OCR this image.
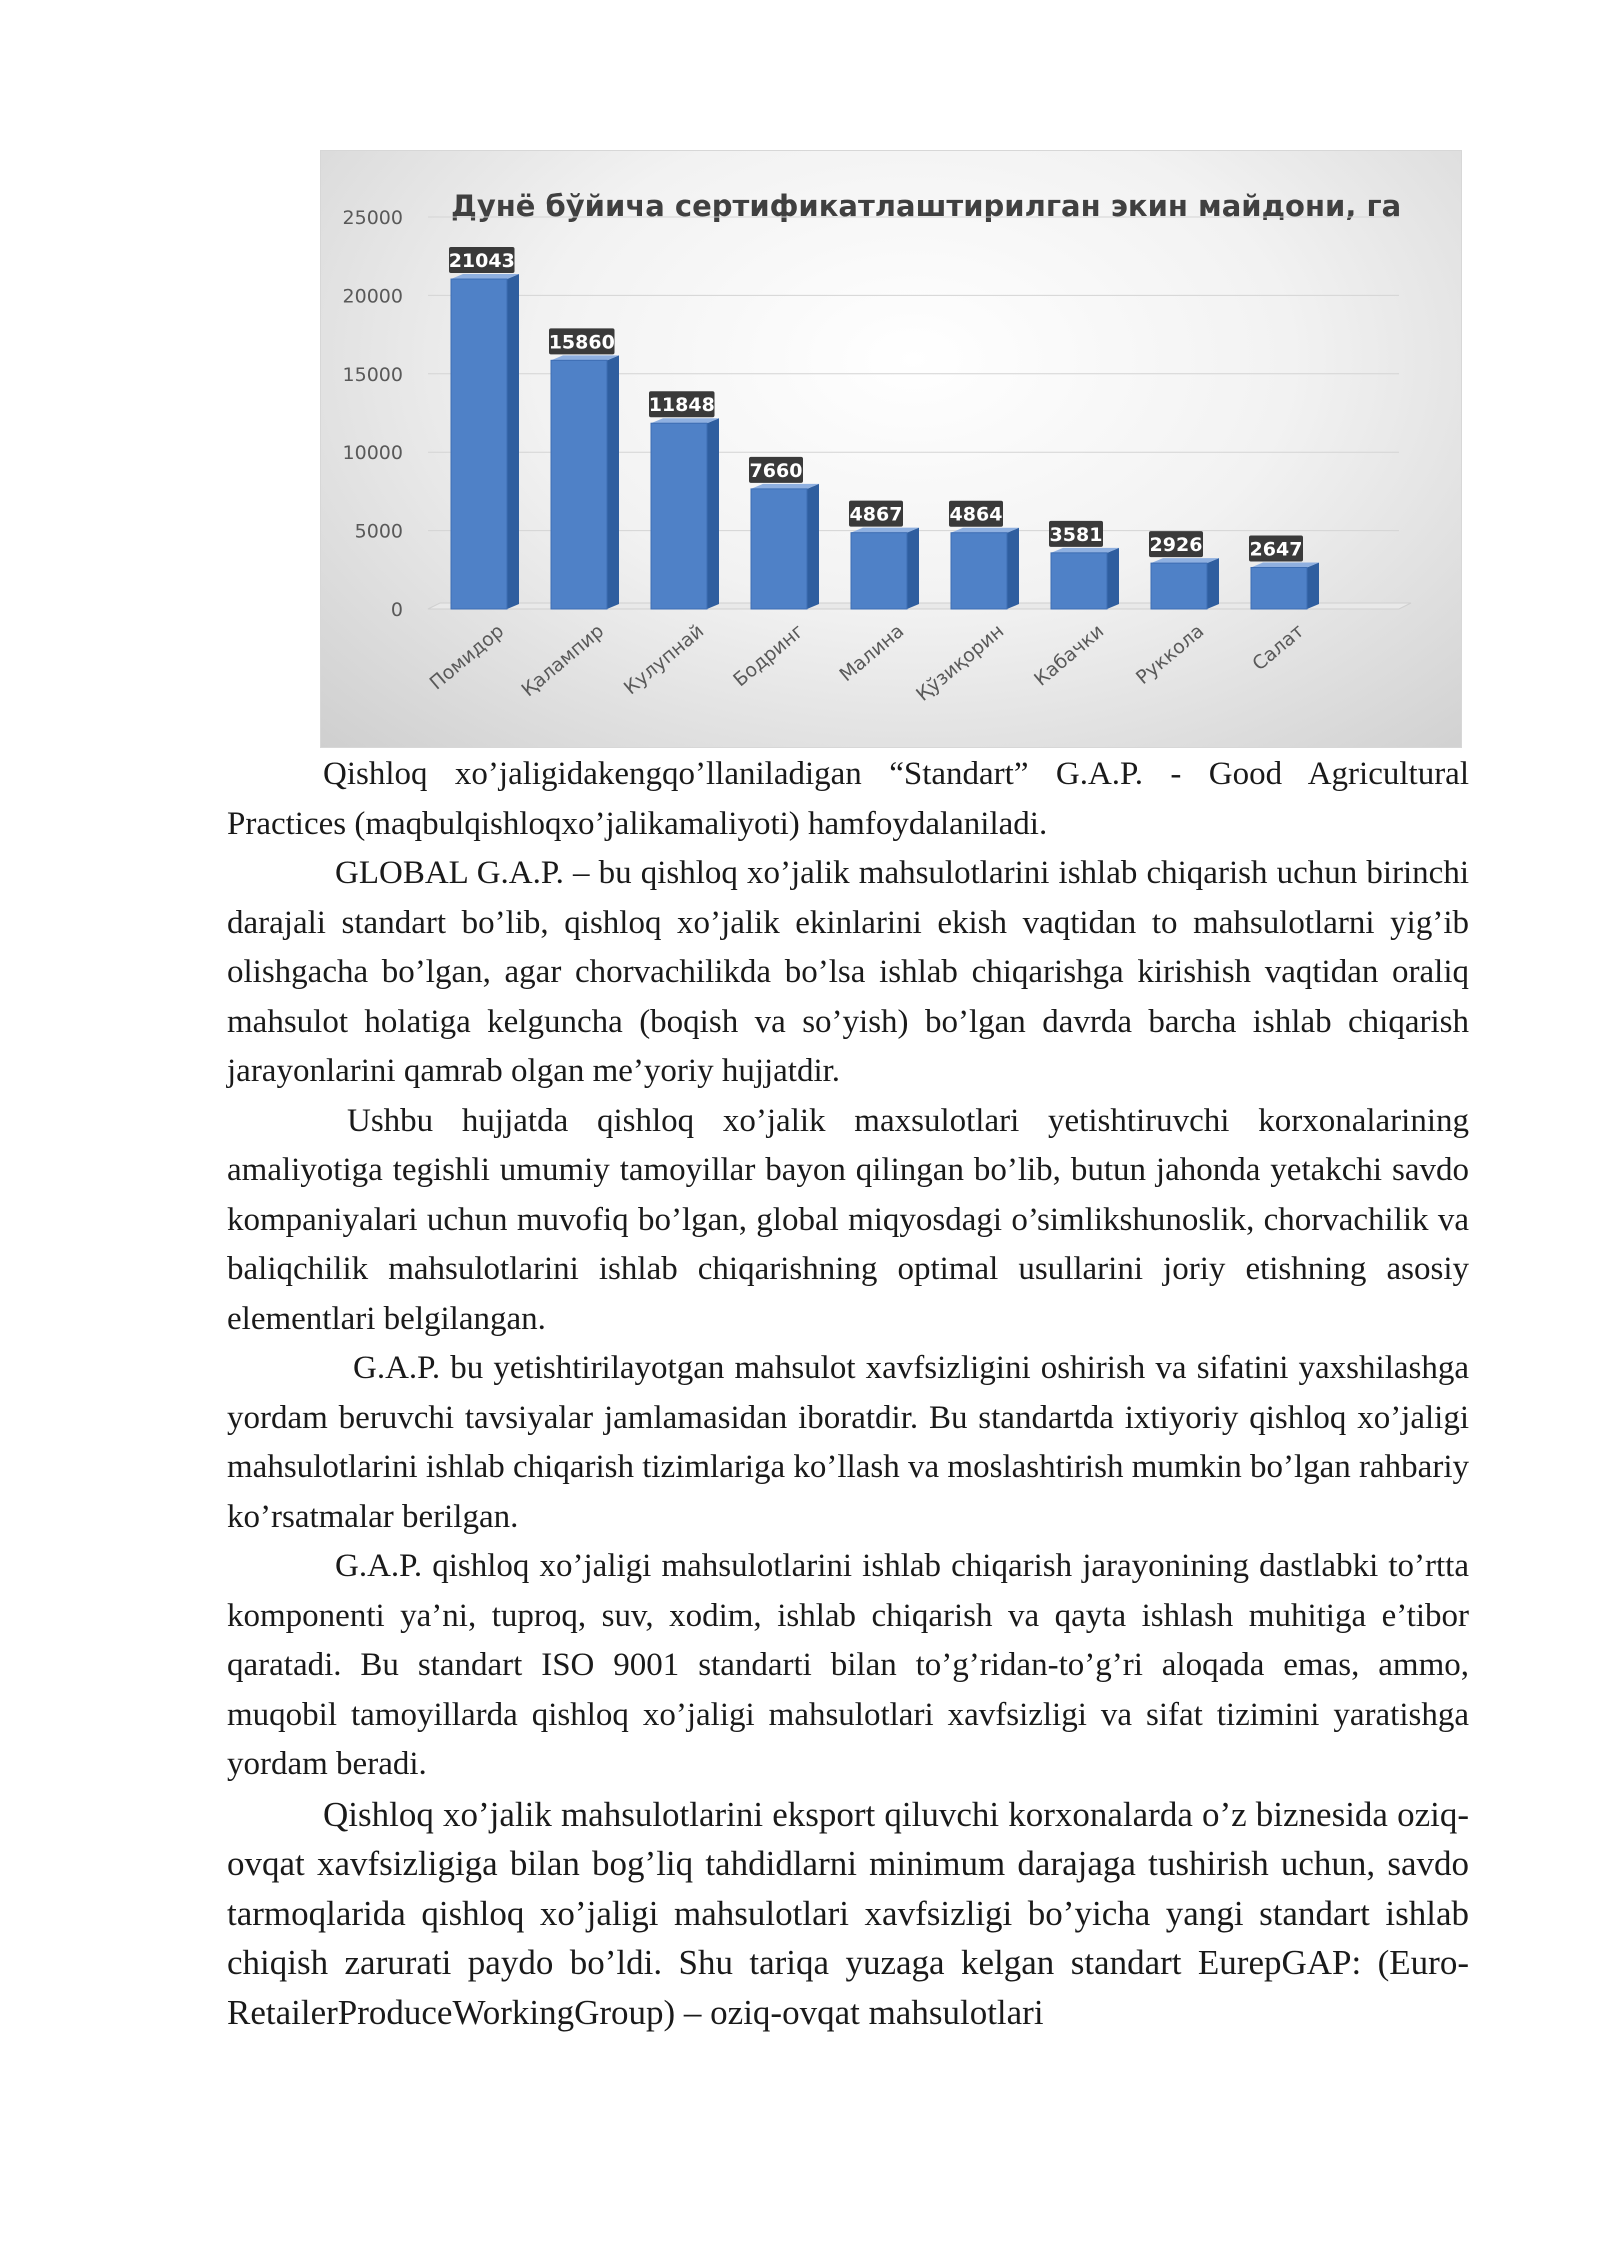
Дунё бўйича сертификатлаштирилган экин майдони, га
0
5000
10000
15000
20000
25000
21043
15860
11848
7660
4867 4864
3581 2926 2647
Помидор Қалампир Кулупнай Бодринг Малина Қўзиқорин Кабачки Руккола Салат

Qishloq xo’jaligidakengqo’llaniladigan “Standart” G.A.P. - Good Agricultural Practices (maqbulqishloqxo’jalikamaliyoti) hamfoydalaniladi.

GLOBAL G.A.P. – bu qishloq xo’jalik mahsulotlarini ishlab chiqarish uchun birinchi darajali standart bo’lib, qishloq xo’jalik ekinlarini ekish vaqtidan to mahsulotlarni yig’ib olishgacha bo’lgan, agar chorvachilikda bo’lsa ishlab chiqarishga kirishish vaqtidan oraliq mahsulot holatiga kelguncha (boqish va so’yish) bo’lgan davrda barcha ishlab chiqarish jarayonlarini qamrab olgan me’yoriy hujjatdir.

Ushbu hujjatda qishloq xo’jalik maxsulotlari yetishtiruvchi korxonalarining amaliyotiga tegishli umumiy tamoyillar bayon qilingan bo’lib, butun jahonda yetakchi savdo kompaniyalari uchun muvofiq bo’lgan, global miqyosdagi o’simlikshunoslik, chorvachilik va baliqchilik mahsulotlarini ishlab chiqarishning optimal usullarini joriy etishning asosiy elementlari belgilangan.

G.A.P. bu yetishtirilayotgan mahsulot xavfsizligini oshirish va sifatini yaxshilashga yordam beruvchi tavsiyalar jamlamasidan iboratdir. Bu standartda ixtiyoriy qishloq xo’jaligi mahsulotlarini ishlab chiqarish tizimlariga ko’llash va moslashtirish mumkin bo’lgan rahbariy ko’rsatmalar berilgan.

G.A.P. qishloq xo’jaligi mahsulotlarini ishlab chiqarish jarayonining dastlabki to’rtta komponenti ya’ni, tuproq, suv, xodim, ishlab chiqarish va qayta ishlash muhitiga e’tibor qaratadi. Bu standart ISO 9001 standarti bilan to’g’ridan-to’g’ri aloqada emas, ammo, muqobil tamoyillarda qishloq xo’jaligi mahsulotlari xavfsizligi va sifat tizimini yaratishga yordam beradi.

Qishloq xo’jalik mahsulotlarini eksport qiluvchi korxonalarda o’z biznesida oziq-ovqat xavfsizligiga bilan bog’liq tahdidlarni minimum darajaga tushirish uchun, savdo tarmoqlarida qishloq xo’jaligi mahsulotlari xavfsizligi bo’yicha yangi standart ishlab chiqish zarurati paydo bo’ldi. Shu tariqa yuzaga kelgan standart EurepGAP: (Euro-RetailerProduceWorkingGroup) – oziq-ovqat mahsulotlari
